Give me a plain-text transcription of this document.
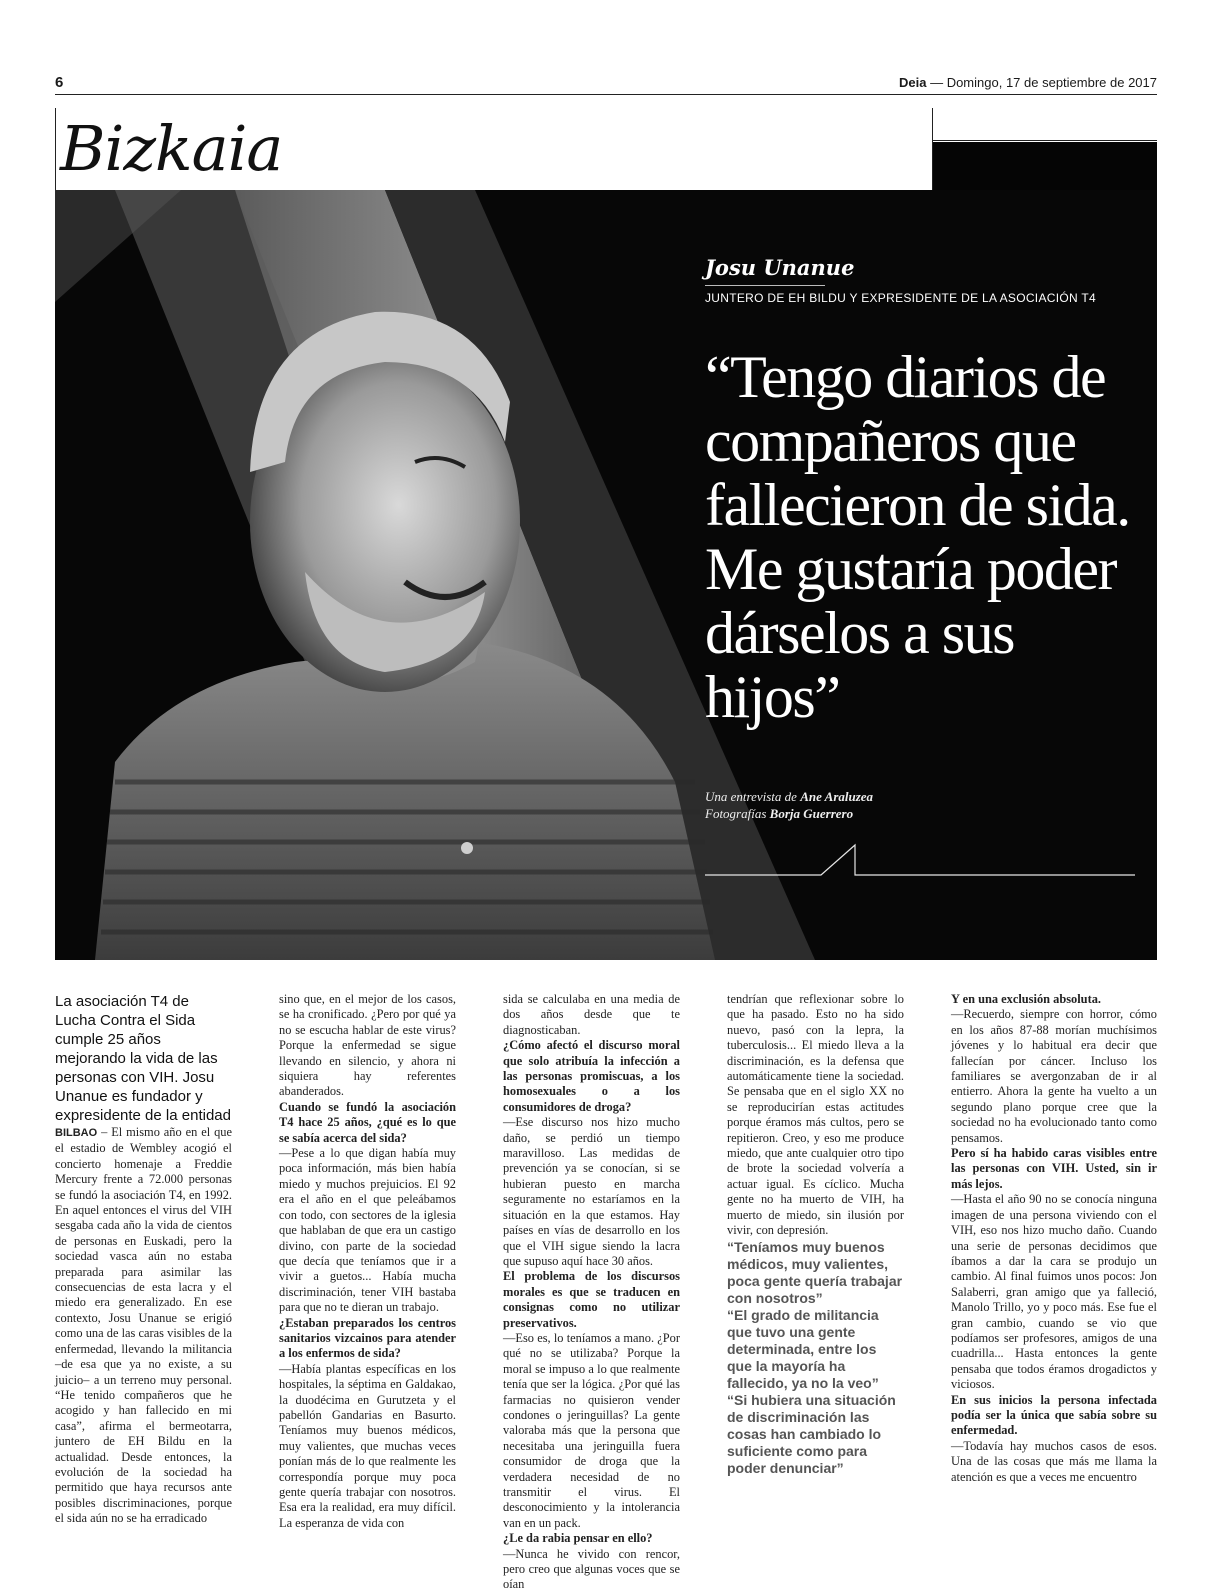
6	Deia — Domingo, 17 de septiembre de 2017
Bizkaia
Josu Unanue
JUNTERO DE EH BILDU Y EXPRESIDENTE DE LA ASOCIACIÓN T4
“Tengo diarios de compañeros que fallecieron de sida. Me gustaría poder dárselos a sus hijos”
Una entrevista de Ane Araluzea
Fotografías Borja Guerrero

La asociación T4 de Lucha Contra el Sida cumple 25 años mejorando la vida de las personas con VIH. Josu Unanue es fundador y expresidente de la entidad

BILBAO – El mismo año en el que el estadio de Wembley acogió el concierto homenaje a Freddie Mercury frente a 72.000 personas se fundó la asociación T4, en 1992. En aquel entonces el virus del VIH sesgaba cada año la vida de cientos de personas en Euskadi, pero la sociedad vasca aún no estaba preparada para asimilar las consecuencias de esta lacra y el miedo era generalizado. En ese contexto, Josu Unanue se erigió como una de las caras visibles de la enfermedad, llevando la militancia –de esa que ya no existe, a su juicio– a un terreno muy personal. “He tenido compañeros que he acogido y han fallecido en mi casa”, afirma el bermeotarra, juntero de EH Bildu en la actualidad. Desde entonces, la evolución de la sociedad ha permitido que haya recursos ante posibles discriminaciones, porque el sida aún no se ha erradicado

sino que, en el mejor de los casos, se ha cronificado. ¿Pero por qué ya no se escucha hablar de este virus? Porque la enfermedad se sigue llevando en silencio, y ahora ni siquiera hay referentes abanderados.

Cuando se fundó la asociación T4 hace 25 años, ¿qué es lo que se sabía acerca del sida?

—Pese a lo que digan había muy poca información, más bien había miedo y muchos prejuicios. El 92 era el año en el que peleábamos con todo, con sectores de la iglesia que hablaban de que era un castigo divino, con parte de la sociedad que decía que teníamos que ir a vivir a guetos... Había mucha discriminación, tener VIH bastaba para que no te dieran un trabajo.

¿Estaban preparados los centros sanitarios vizcainos para atender a los enfermos de sida?

—Había plantas específicas en los hospitales, la séptima en Galdakao, la duodécima en Gurutzeta y el pabellón Gandarias en Basurto. Teníamos muy buenos médicos, muy valientes, que muchas veces ponían más de lo que realmente les correspondía porque muy poca gente quería trabajar con nosotros. Esa era la realidad, era muy difícil. La esperanza de vida con

sida se calculaba en una media de dos años desde que te diagnosticaban.

¿Cómo afectó el discurso moral que solo atribuía la infección a las personas promiscuas, a los homosexuales o a los consumidores de droga?

—Ese discurso nos hizo mucho daño, se perdió un tiempo maravilloso. Las medidas de prevención ya se conocían, si se hubieran puesto en marcha seguramente no estaríamos en la situación en la que estamos. Hay países en vías de desarrollo en los que el VIH sigue siendo la lacra que supuso aquí hace 30 años.

El problema de los discursos morales es que se traducen en consignas como no utilizar preservativos.

—Eso es, lo teníamos a mano. ¿Por qué no se utilizaba? Porque la moral se impuso a lo que realmente tenía que ser la lógica. ¿Por qué las farmacias no quisieron vender condones o jeringuillas? La gente valoraba más que la persona que necesitaba una jeringuilla fuera consumidor de droga que la verdadera necesidad de no transmitir el virus. El desconocimiento y la intolerancia van en un pack.

¿Le da rabia pensar en ello?

—Nunca he vivido con rencor, pero creo que algunas voces que se oían

tendrían que reflexionar sobre lo que ha pasado. Esto no ha sido nuevo, pasó con la lepra, la tuberculosis... El miedo lleva a la discriminación, es la defensa que automáticamente tiene la sociedad. Se pensaba que en el siglo XX no se reproducirían estas actitudes porque éramos más cultos, pero se repitieron. Creo, y eso me produce miedo, que ante cualquier otro tipo de brote la sociedad volvería a actuar igual. Es cíclico. Mucha gente no ha muerto de VIH, ha muerto de miedo, sin ilusión por vivir, con depresión.

“Teníamos muy buenos médicos, muy valientes, poca gente quería trabajar con nosotros”

“El grado de militancia que tuvo una gente determinada, entre los que la mayoría ha fallecido, ya no la veo”

“Si hubiera una situación de discriminación las cosas han cambiado lo suficiente como para poder denunciar”

Y en una exclusión absoluta.

—Recuerdo, siempre con horror, cómo en los años 87-88 morían muchísimos jóvenes y lo habitual era decir que fallecían por cáncer. Incluso los familiares se avergonzaban de ir al entierro. Ahora la gente ha vuelto a un segundo plano porque cree que la sociedad no ha evolucionado tanto como pensamos.

Pero sí ha habido caras visibles entre las personas con VIH. Usted, sin ir más lejos.

—Hasta el año 90 no se conocía ninguna imagen de una persona viviendo con el VIH, eso nos hizo mucho daño. Cuando una serie de personas decidimos que íbamos a dar la cara se produjo un cambio. Al final fuimos unos pocos: Jon Salaberri, gran amigo que ya falleció, Manolo Trillo, yo y poco más. Ese fue el gran cambio, cuando se vio que podíamos ser profesores, amigos de una cuadrilla... Hasta entonces la gente pensaba que todos éramos drogadictos y viciosos.

En sus inicios la persona infectada podía ser la única que sabía sobre su enfermedad.

—Todavía hay muchos casos de esos. Una de las cosas que más me llama la atención es que a veces me encuentro
